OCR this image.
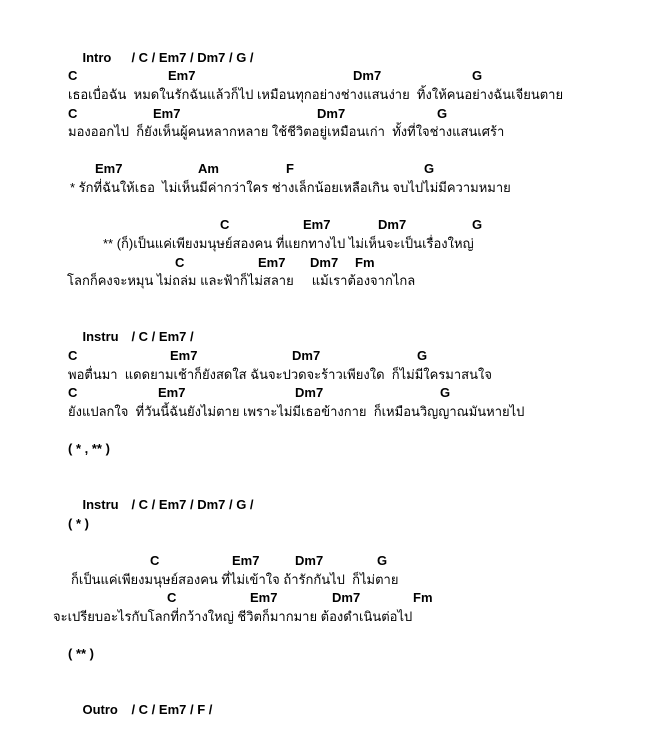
Intro / C / Em7 / Dm7 / G /

C

	Em7

	Dm7

	G

เธอเบื่อฉัน  หมดในรักฉันแล้วก็ไป เหมือนทุกอย่างช่างแสนง่าย  ทิ้งให้คนอย่างฉันเจียนตาย

C

	Em7

	Dm7

	G

มองออกไป  ก็ยังเห็นผู้คนหลากหลาย ใช้ชีวิตอยู่เหมือนเก่า  ทั้งที่ใจช่างแสนเศร้า

Em7

	Am

	F

	G

* รักที่ฉันให้เธอ  ไม่เห็นมีค่ากว่าใคร ช่างเล็กน้อยเหลือเกิน จบไปไม่มีความหมาย

C

	Em7

	Dm7

	G

** (ก็)เป็นแค่เพียงมนุษย์สองคน ที่แยกทางไป ไม่เห็นจะเป็นเรื่องใหญ่

C

	Em7

Dm7

Fm

โลกก็คงจะหมุน ไม่ถล่ม และฟ้าก็ไม่สลาย     แม้เราต้องจากไกล

Instru / C / Em7 /

C

	Em7

	Dm7

	G

พอตื่นมา  แดดยามเช้าก็ยังสดใส ฉันจะปวดจะร้าวเพียงใด  ก็ไม่มีใครมาสนใจ

C

	Em7

	Dm7

	G

ยังแปลกใจ  ที่วันนี้ฉันยังไม่ตาย เพราะไม่มีเธอข้างกาย  ก็เหมือนวิญญาณมันหายไป
( * , ** )

Instru / C / Em7 / Dm7 / G /

( * )

C

	Em7

	Dm7

	G

ก็เป็นแค่เพียงมนุษย์สองคน ที่ไม่เข้าใจ ถ้ารักกันไป  ก็ไม่ตาย

C

	Em7

	Dm7

	Fm

จะเปรียบอะไรกับโลกที่กว้างใหญ่ ชีวิตก็มากมาย ต้องดำเนินต่อไป
( ** )

Outro / C / Em7 / F /
